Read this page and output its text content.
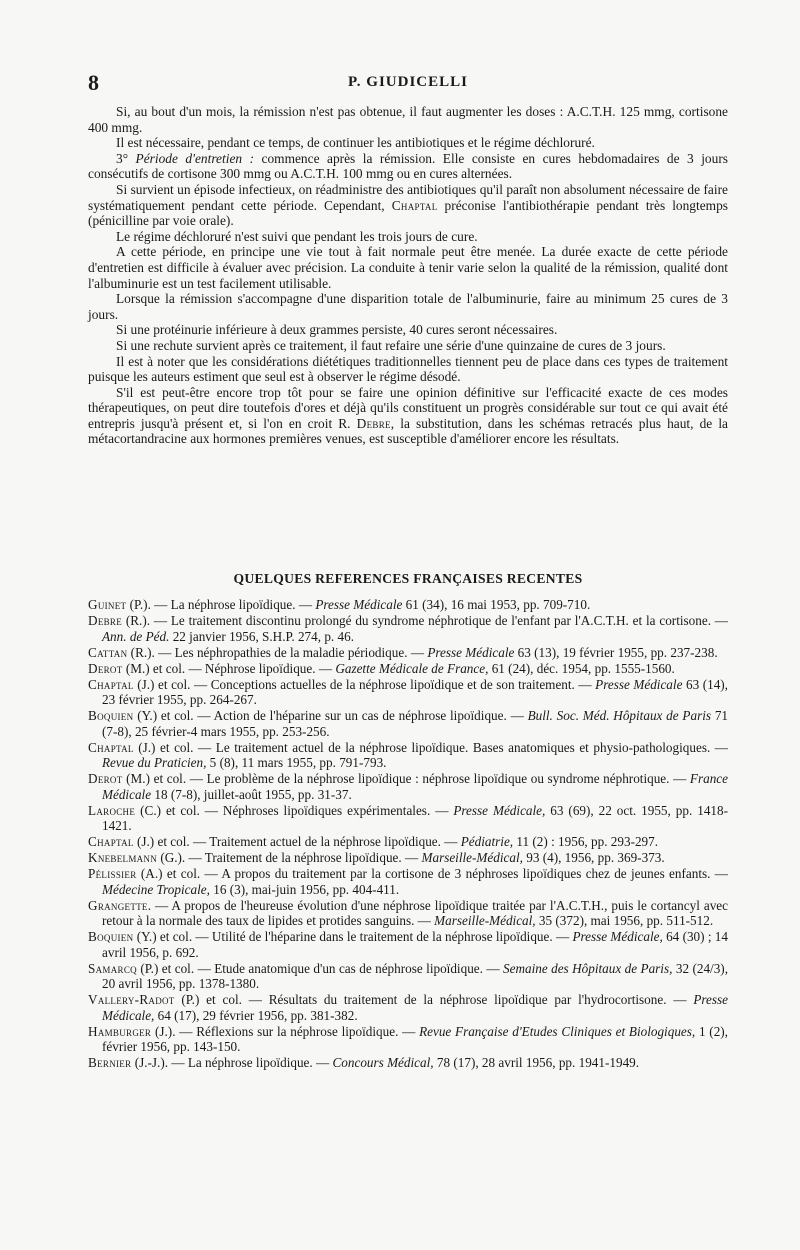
8	P. GIUDICELLI

Si, au bout d'un mois, la rémission n'est pas obtenue, il faut augmenter les doses : A.C.T.H. 125 mmg, cortisone 400 mmg.

Il est nécessaire, pendant ce temps, de continuer les antibiotiques et le régime déchloruré.

3° Période d'entretien : commence après la rémission. Elle consiste en cures hebdomadaires de 3 jours consécutifs de cortisone 300 mmg ou A.C.T.H. 100 mmg ou en cures alternées.

Si survient un épisode infectieux, on réadministre des antibiotiques qu'il paraît non absolument nécessaire de faire systématiquement pendant cette période. Cependant, Chaptal préconise l'antibiothérapie pendant très longtemps (pénicilline par voie orale).

Le régime déchloruré n'est suivi que pendant les trois jours de cure.

A cette période, en principe une vie tout à fait normale peut être menée. La durée exacte de cette période d'entretien est difficile à évaluer avec précision. La conduite à tenir varie selon la qualité de la rémission, qualité dont l'albuminurie est un test facilement utilisable.

Lorsque la rémission s'accompagne d'une disparition totale de l'albuminurie, faire au minimum 25 cures de 3 jours.

Si une protéinurie inférieure à deux grammes persiste, 40 cures seront nécessaires.

Si une rechute survient après ce traitement, il faut refaire une série d'une quinzaine de cures de 3 jours.

Il est à noter que les considérations diététiques traditionnelles tiennent peu de place dans ces types de traitement puisque les auteurs estiment que seul est à observer le régime désodé.

S'il est peut-être encore trop tôt pour se faire une opinion définitive sur l'efficacité exacte de ces modes thérapeutiques, on peut dire toutefois d'ores et déjà qu'ils constituent un progrès considérable sur tout ce qui avait été entrepris jusqu'à présent et, si l'on en croit R. Debre, la substitution, dans les schémas retracés plus haut, de la métacortandracine aux hormones premières venues, est susceptible d'améliorer encore les résultats.

QUELQUES REFERENCES FRANÇAISES RECENTES

Guinet (P.). — La néphrose lipoïdique. — Presse Médicale 61 (34), 16 mai 1953, pp. 709-710.

Debre (R.). — Le traitement discontinu prolongé du syndrome néphrotique de l'enfant par l'A.C.T.H. et la cortisone. — Ann. de Péd. 22 janvier 1956, S.H.P. 274, p. 46.

Cattan (R.). — Les néphropathies de la maladie périodique. — Presse Médicale 63 (13), 19 février 1955, pp. 237-238.

Derot (M.) et col. — Néphrose lipoïdique. — Gazette Médicale de France, 61 (24), déc. 1954, pp. 1555-1560.

Chaptal (J.) et col. — Conceptions actuelles de la néphrose lipoïdique et de son traitement. — Presse Médicale 63 (14), 23 février 1955, pp. 264-267.

Boquien (Y.) et col. — Action de l'héparine sur un cas de néphrose lipoïdique. — Bull. Soc. Méd. Hôpitaux de Paris 71 (7-8), 25 février-4 mars 1955, pp. 253-256.

Chaptal (J.) et col. — Le traitement actuel de la néphrose lipoïdique. Bases anatomiques et physio-pathologiques. — Revue du Praticien, 5 (8), 11 mars 1955, pp. 791-793.

Derot (M.) et col. — Le problème de la néphrose lipoïdique : néphrose lipoïdique ou syndrome néphrotique. — France Médicale 18 (7-8), juillet-août 1955, pp. 31-37.

Laroche (C.) et col. — Néphroses lipoïdiques expérimentales. — Presse Médicale, 63 (69), 22 oct. 1955, pp. 1418-1421.

Chaptal (J.) et col. — Traitement actuel de la néphrose lipoïdique. — Pédiatrie, 11 (2) : 1956, pp. 293-297.

Knebelmann (G.). — Traitement de la néphrose lipoïdique. — Marseille-Médical, 93 (4), 1956, pp. 369-373.

Pélissier (A.) et col. — A propos du traitement par la cortisone de 3 néphroses lipoïdiques chez de jeunes enfants. — Médecine Tropicale, 16 (3), mai-juin 1956, pp. 404-411.

Grangette. — A propos de l'heureuse évolution d'une néphrose lipoïdique traitée par l'A.C.T.H., puis le cortancyl avec retour à la normale des taux de lipides et protides sanguins. — Marseille-Médical, 35 (372), mai 1956, pp. 511-512.

Boquien (Y.) et col. — Utilité de l'héparine dans le traitement de la néphrose lipoïdique. — Presse Médicale, 64 (30) ; 14 avril 1956, p. 692.

Samarcq (P.) et col. — Etude anatomique d'un cas de néphrose lipoïdique. — Semaine des Hôpitaux de Paris, 32 (24/3), 20 avril 1956, pp. 1378-1380.

Vallery-Radot (P.) et col. — Résultats du traitement de la néphrose lipoïdique par l'hydrocortisone. — Presse Médicale, 64 (17), 29 février 1956, pp. 381-382.

Hamburger (J.). — Réflexions sur la néphrose lipoïdique. — Revue Française d'Etudes Cliniques et Biologiques, 1 (2), février 1956, pp. 143-150.

Bernier (J.-J.). — La néphrose lipoïdique. — Concours Médical, 78 (17), 28 avril 1956, pp. 1941-1949.
